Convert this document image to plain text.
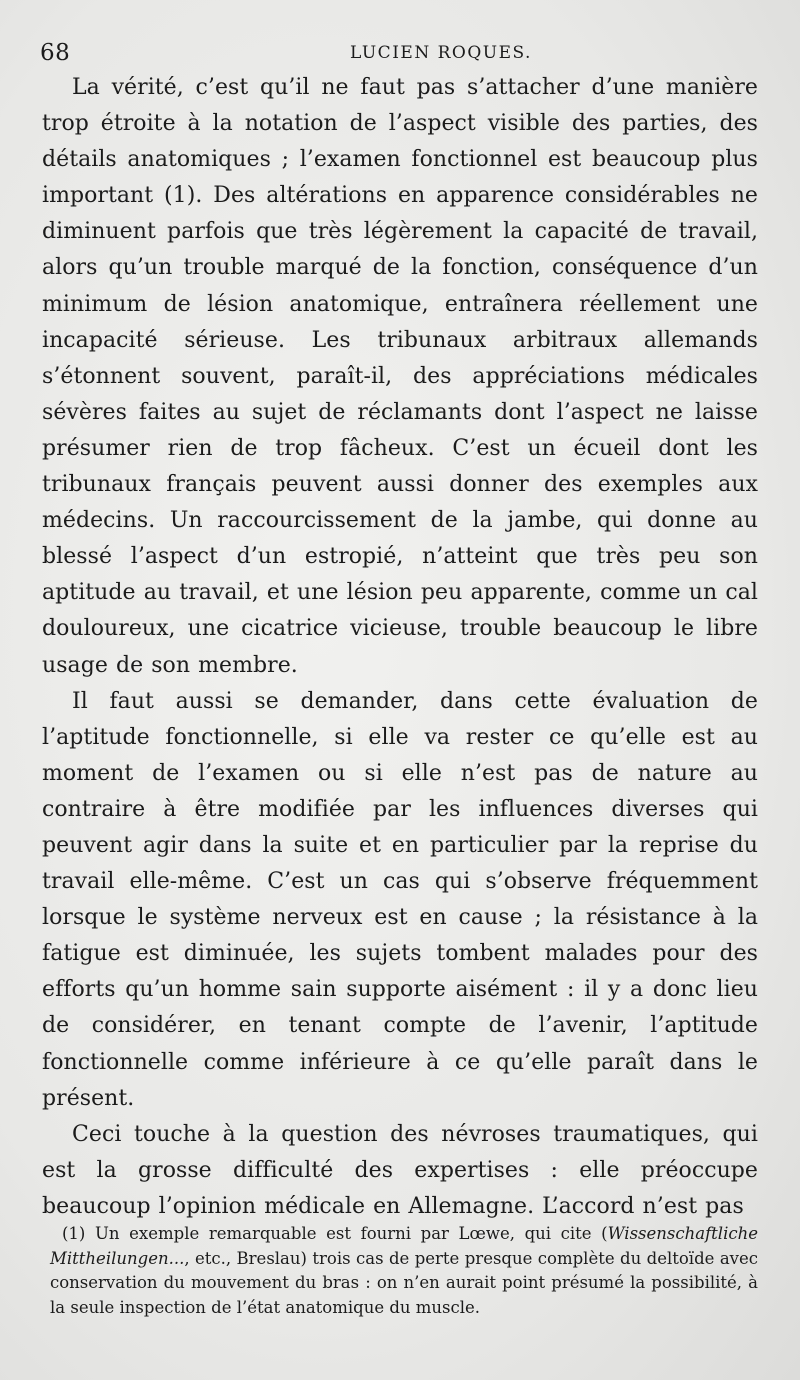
68	LUCIEN ROQUES.

La vérité, c’est qu’il ne faut pas s’attacher d’une manière trop étroite à la notation de l’aspect visible des parties, des détails anatomiques ; l’examen fonctionnel est beaucoup plus important (1). Des altérations en apparence considérables ne diminuent parfois que très légèrement la capacité de travail, alors qu’un trouble marqué de la fonction, conséquence d’un minimum de lésion anatomique, entraînera réellement une incapacité sérieuse. Les tribunaux arbitraux allemands s’étonnent souvent, paraît-il, des appréciations médicales sévères faites au sujet de réclamants dont l’aspect ne laisse présumer rien de trop fâcheux. C’est un écueil dont les tribunaux français peuvent aussi donner des exemples aux médecins. Un raccourcissement de la jambe, qui donne au blessé l’aspect d’un estropié, n’atteint que très peu son aptitude au travail, et une lésion peu apparente, comme un cal douloureux, une cicatrice vicieuse, trouble beaucoup le libre usage de son membre.

Il faut aussi se demander, dans cette évaluation de l’aptitude fonctionnelle, si elle va rester ce qu’elle est au moment de l’examen ou si elle n’est pas de nature au contraire à être modifiée par les influences diverses qui peuvent agir dans la suite et en particulier par la reprise du travail elle-même. C’est un cas qui s’observe fréquemment lorsque le système nerveux est en cause ; la résistance à la fatigue est diminuée, les sujets tombent malades pour des efforts qu’un homme sain supporte aisément : il y a donc lieu de considérer, en tenant compte de l’avenir, l’aptitude fonctionnelle comme inférieure à ce qu’elle paraît dans le présent.

Ceci touche à la question des névroses traumatiques, qui est la grosse difficulté des expertises : elle préoccupe beaucoup l’opinion médicale en Allemagne. L’accord n’est pas

(1) Un exemple remarquable est fourni par Lœwe, qui cite (Wissenschaftliche Mittheilungen..., etc., Breslau) trois cas de perte presque complète du deltoïde avec conservation du mouvement du bras : on n’en aurait point présumé la possibilité, à la seule inspection de l’état anatomique du muscle.
